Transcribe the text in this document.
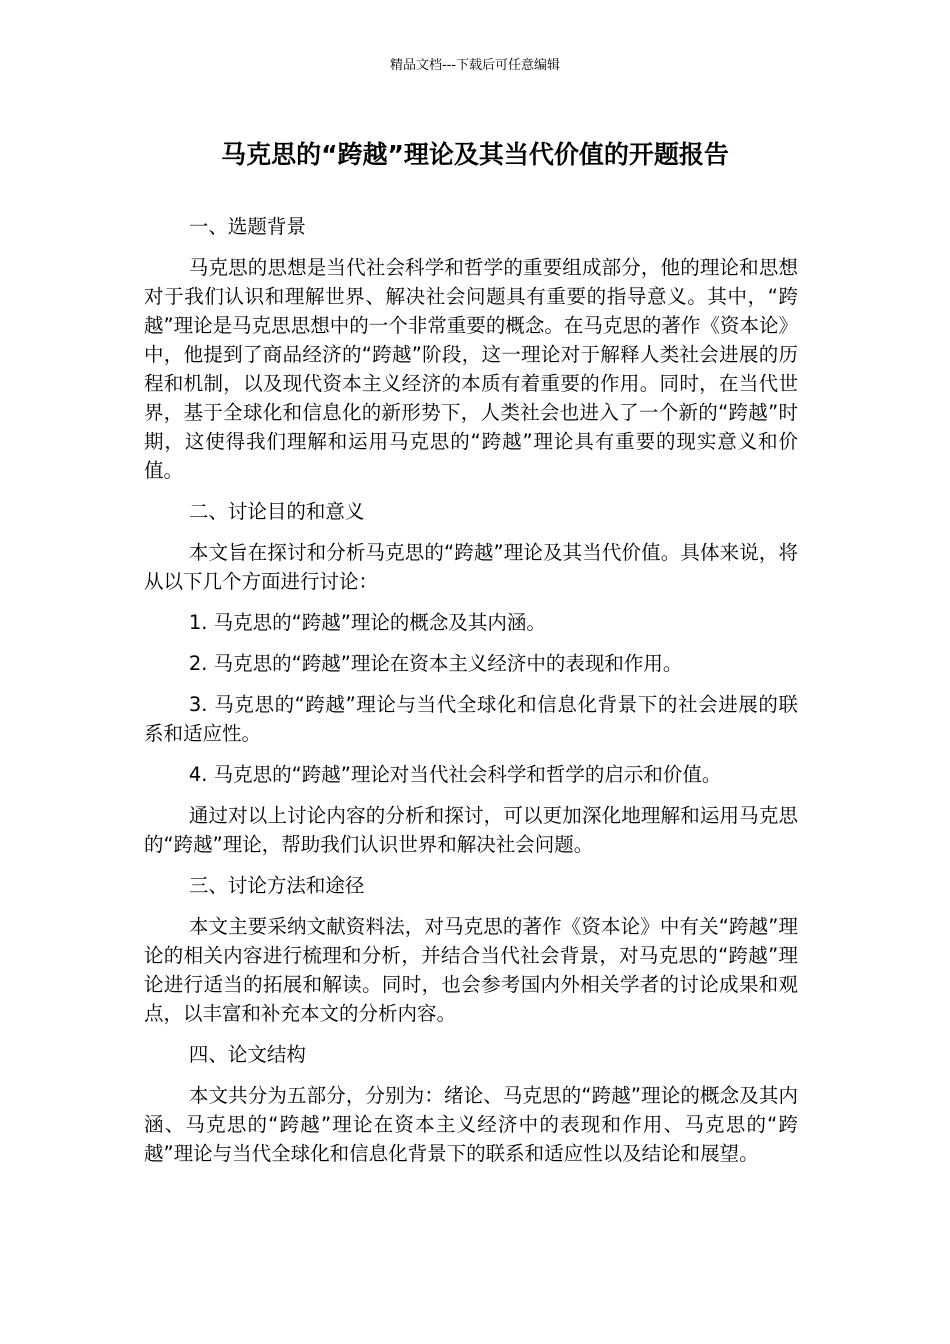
精品文档---下载后可任意编辑
马克思的“跨越”理论及其当代价值的开题报告

一、选题背景

马克思的思想是当代社会科学和哲学的重要组成部分，他的理论和思想对于我们认识和理解世界、解决社会问题具有重要的指导意义。其中，“跨越”理论是马克思思想中的一个非常重要的概念。在马克思的著作《资本论》中，他提到了商品经济的“跨越”阶段，这一理论对于解释人类社会进展的历程和机制，以及现代资本主义经济的本质有着重要的作用。同时，在当代世界，基于全球化和信息化的新形势下，人类社会也进入了一个新的“跨越”时期，这使得我们理解和运用马克思的“跨越”理论具有重要的现实意义和价值。

二、讨论目的和意义

本文旨在探讨和分析马克思的“跨越”理论及其当代价值。具体来说，将从以下几个方面进行讨论：

1. 马克思的“跨越”理论的概念及其内涵。

2. 马克思的“跨越”理论在资本主义经济中的表现和作用。

3. 马克思的“跨越”理论与当代全球化和信息化背景下的社会进展的联系和适应性。

4. 马克思的“跨越”理论对当代社会科学和哲学的启示和价值。

通过对以上讨论内容的分析和探讨，可以更加深化地理解和运用马克思的“跨越”理论，帮助我们认识世界和解决社会问题。

三、讨论方法和途径

本文主要采纳文献资料法，对马克思的著作《资本论》中有关“跨越”理论的相关内容进行梳理和分析，并结合当代社会背景，对马克思的“跨越”理论进行适当的拓展和解读。同时，也会参考国内外相关学者的讨论成果和观点，以丰富和补充本文的分析内容。

四、论文结构

本文共分为五部分，分别为：绪论、马克思的“跨越”理论的概念及其内涵、马克思的“跨越”理论在资本主义经济中的表现和作用、马克思的“跨越”理论与当代全球化和信息化背景下的联系和适应性以及结论和展望。
